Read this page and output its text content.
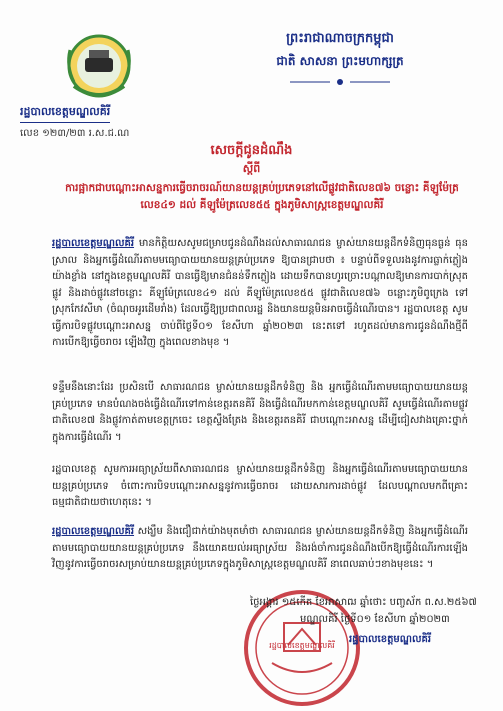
រដ្ឋបាលខេត្តមណ្ឌលគិរី
លេខ ១២៣/២៣ រ.ស.ជ.ណ
ព្រះរាជាណាចក្រកម្ពុជា
ជាតិ សាសនា ព្រះមហាក្សត្រ
សេចក្ដីជូនដំណឹង
ស្ដីពី
ការផ្អាកជាបណ្ដោះអាសន្នការធ្វើចរាចរណ៍យានយន្តគ្រប់ប្រភេទនៅលើផ្លូវជាតិលេខ៧៦ ចន្លោះ គីឡូម៉ែត្រលេខ៤១ ដល់ គីឡូម៉ែត្រលេខ៥៥ ក្នុងភូមិសាស្រ្តខេត្តមណ្ឌលគិរី
រដ្ឋបាលខេត្តមណ្ឌលគិរី មានកិត្តិយសសូមជម្រាបជូនដំណឹងដល់សាធារណជន ម្ចាស់យានយន្តដឹកទំនិញធុនធ្ងន់ ធុនស្រាល និងអ្នកធ្វើដំណើរតាមមធ្យោបាយយានយន្តគ្រប់ប្រភេទ ឱ្យបានជ្រាបថា ៖ បន្ទាប់ពីទទួលរងនូវការធ្លាក់ភ្លៀងយ៉ាងខ្លាំង នៅក្នុងខេត្តមណ្ឌលគិរី បានធ្វើឱ្យមានជំនន់ទឹកភ្លៀង ដោយទឹកបានហូរច្រោះបណ្ដាលឱ្យមានការបាក់ស្រុតផ្លូវ និងដាច់ផ្លូវនៅចន្លោះ គីឡូម៉ែត្រលេខ៤១ ដល់ គីឡូម៉ែត្រលេខ៥៥ ផ្លូវជាតិលេខ៧៦ ចន្លោះភូមិពូក្រេង ទៅស្រុកកែវសីមា (ចំណុចអូរដើមរាំង) ដែលធ្វើឱ្យប្រជាពលរដ្ឋ និងយានយន្តមិនអាចធ្វើដំណើរបាន។ រដ្ឋបាលខេត្ត សូមធ្វើការបិទផ្លូវបណ្ដោះអាសន្ន ចាប់ពីថ្ងៃទី០១ ខែសីហា ឆ្នាំ២០២៣ នេះតទៅ រហូតដល់មានការជូនដំណឹងថ្មីពីការបើកឱ្យធ្វើចរាចរ ឡើងវិញ ក្នុងពេលខាងមុខ ។
ទន្ទឹមនឹងនោះដែរ ប្រសិនបើ សាធារណជន ម្ចាស់យានយន្តដឹកទំនិញ និង អ្នកធ្វើដំណើរតាមមធ្យោបាយយានយន្តគ្រប់ប្រភេទ មានបំណងចង់ធ្វើដំណើរទៅកាន់ខេត្តរតនគិរី និងធ្វើដំណើរមកកាន់ខេត្តមណ្ឌលគិរី សូមធ្វើដំណើរតាមផ្លូវជាតិលេខ៧ និងផ្លូវកាត់តាមខេត្តក្រចេះ ខេត្តស្ទឹងត្រែង និងខេត្តរតនគិរី ជាបណ្ដោះអាសន្ន ដើម្បីជៀសវាងគ្រោះថ្នាក់ក្នុងការធ្វើដំណើរ ។
រដ្ឋបាលខេត្ត សូមការអធ្យាស្រ័យពីសាធារណជន ម្ចាស់យានយន្តដឹកទំនិញ និងអ្នកធ្វើដំណើរតាមមធ្យោបាយយានយន្តគ្រប់ប្រភេទ ចំពោះការបិទបណ្ដោះអាសន្ននូវការធ្វើចរាចរ ដោយសារការដាច់ផ្លូវ ដែលបណ្ដាលមកពីគ្រោះធម្មជាតិជាយថាហេតុនេះ ។
រដ្ឋបាលខេត្តមណ្ឌលគិរី សង្ឃឹម និងជឿជាក់យ៉ាងមុតមាំថា សាធារណជន ម្ចាស់យានយន្តដឹកទំនិញ និងអ្នកធ្វើដំណើរតាមមធ្យោបាយយានយន្តគ្រប់ប្រភេទ នឹងយោគយល់អធ្យាស្រ័យ និងរង់ចាំការជូនដំណឹងបើកឱ្យធ្វើដំណើរការឡើងវិញនូវការធ្វើចរាចរសម្រាប់យានយន្តគ្រប់ប្រភេទក្នុងភូមិសាស្រ្តខេត្តមណ្ឌលគិរី នាពេលឆាប់ៗខាងមុខនេះ ។
រដ្ឋបាលខេត្តមណ្ឌលគិរី
ថ្ងៃអង្គារ ១៥កើត ខែអាសាឍ ឆ្នាំថោះ បញ្ចស័ក ព.ស.២៥៦៧
មណ្ឌលគិរី ថ្ងៃទី០១ ខែសីហា ឆ្នាំ២០២៣
រដ្ឋបាលខេត្តមណ្ឌលគិរី
